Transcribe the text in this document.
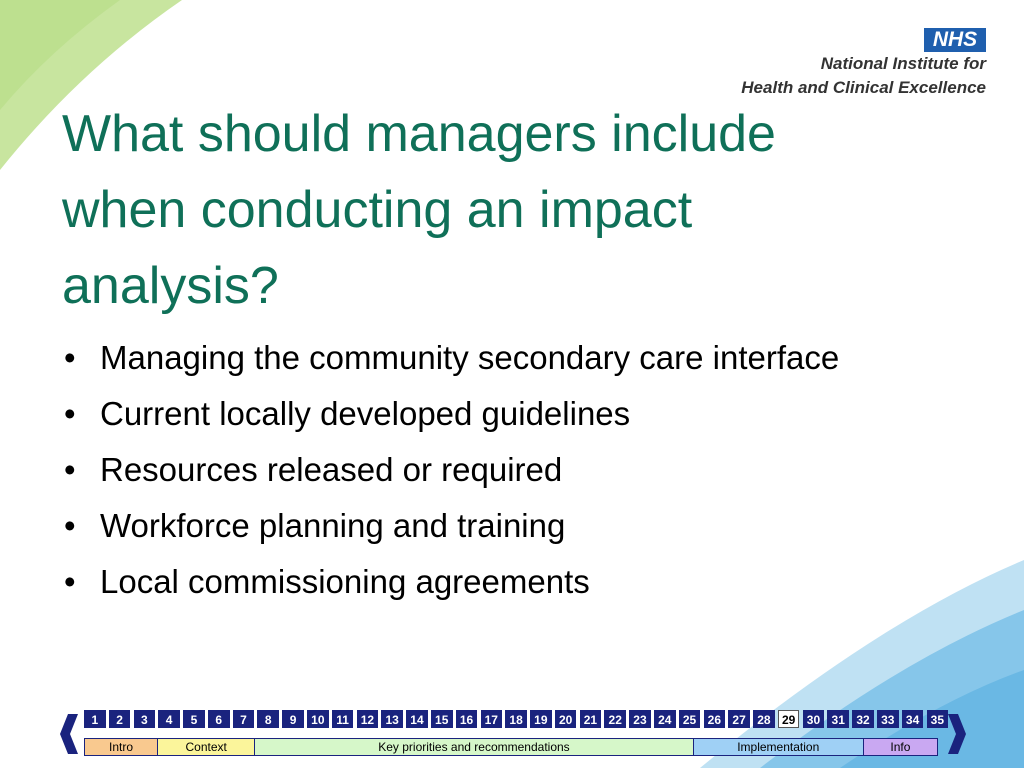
NHS
National Institute for
Health and Clinical Excellence
What should managers include when conducting an impact analysis?
• Managing the community secondary care interface
• Current locally developed guidelines
• Resources released or required
• Workforce planning and training
• Local commissioning agreements
1	2	3	4	5	6	7	8	9	10 11 12 13 14 15 16 17 18 19 20 21 22 23 24 25 26 27 28 29 30 31 32 33 34 35
Intro	Context	Key priorities and recommendations	Implementation	Info
